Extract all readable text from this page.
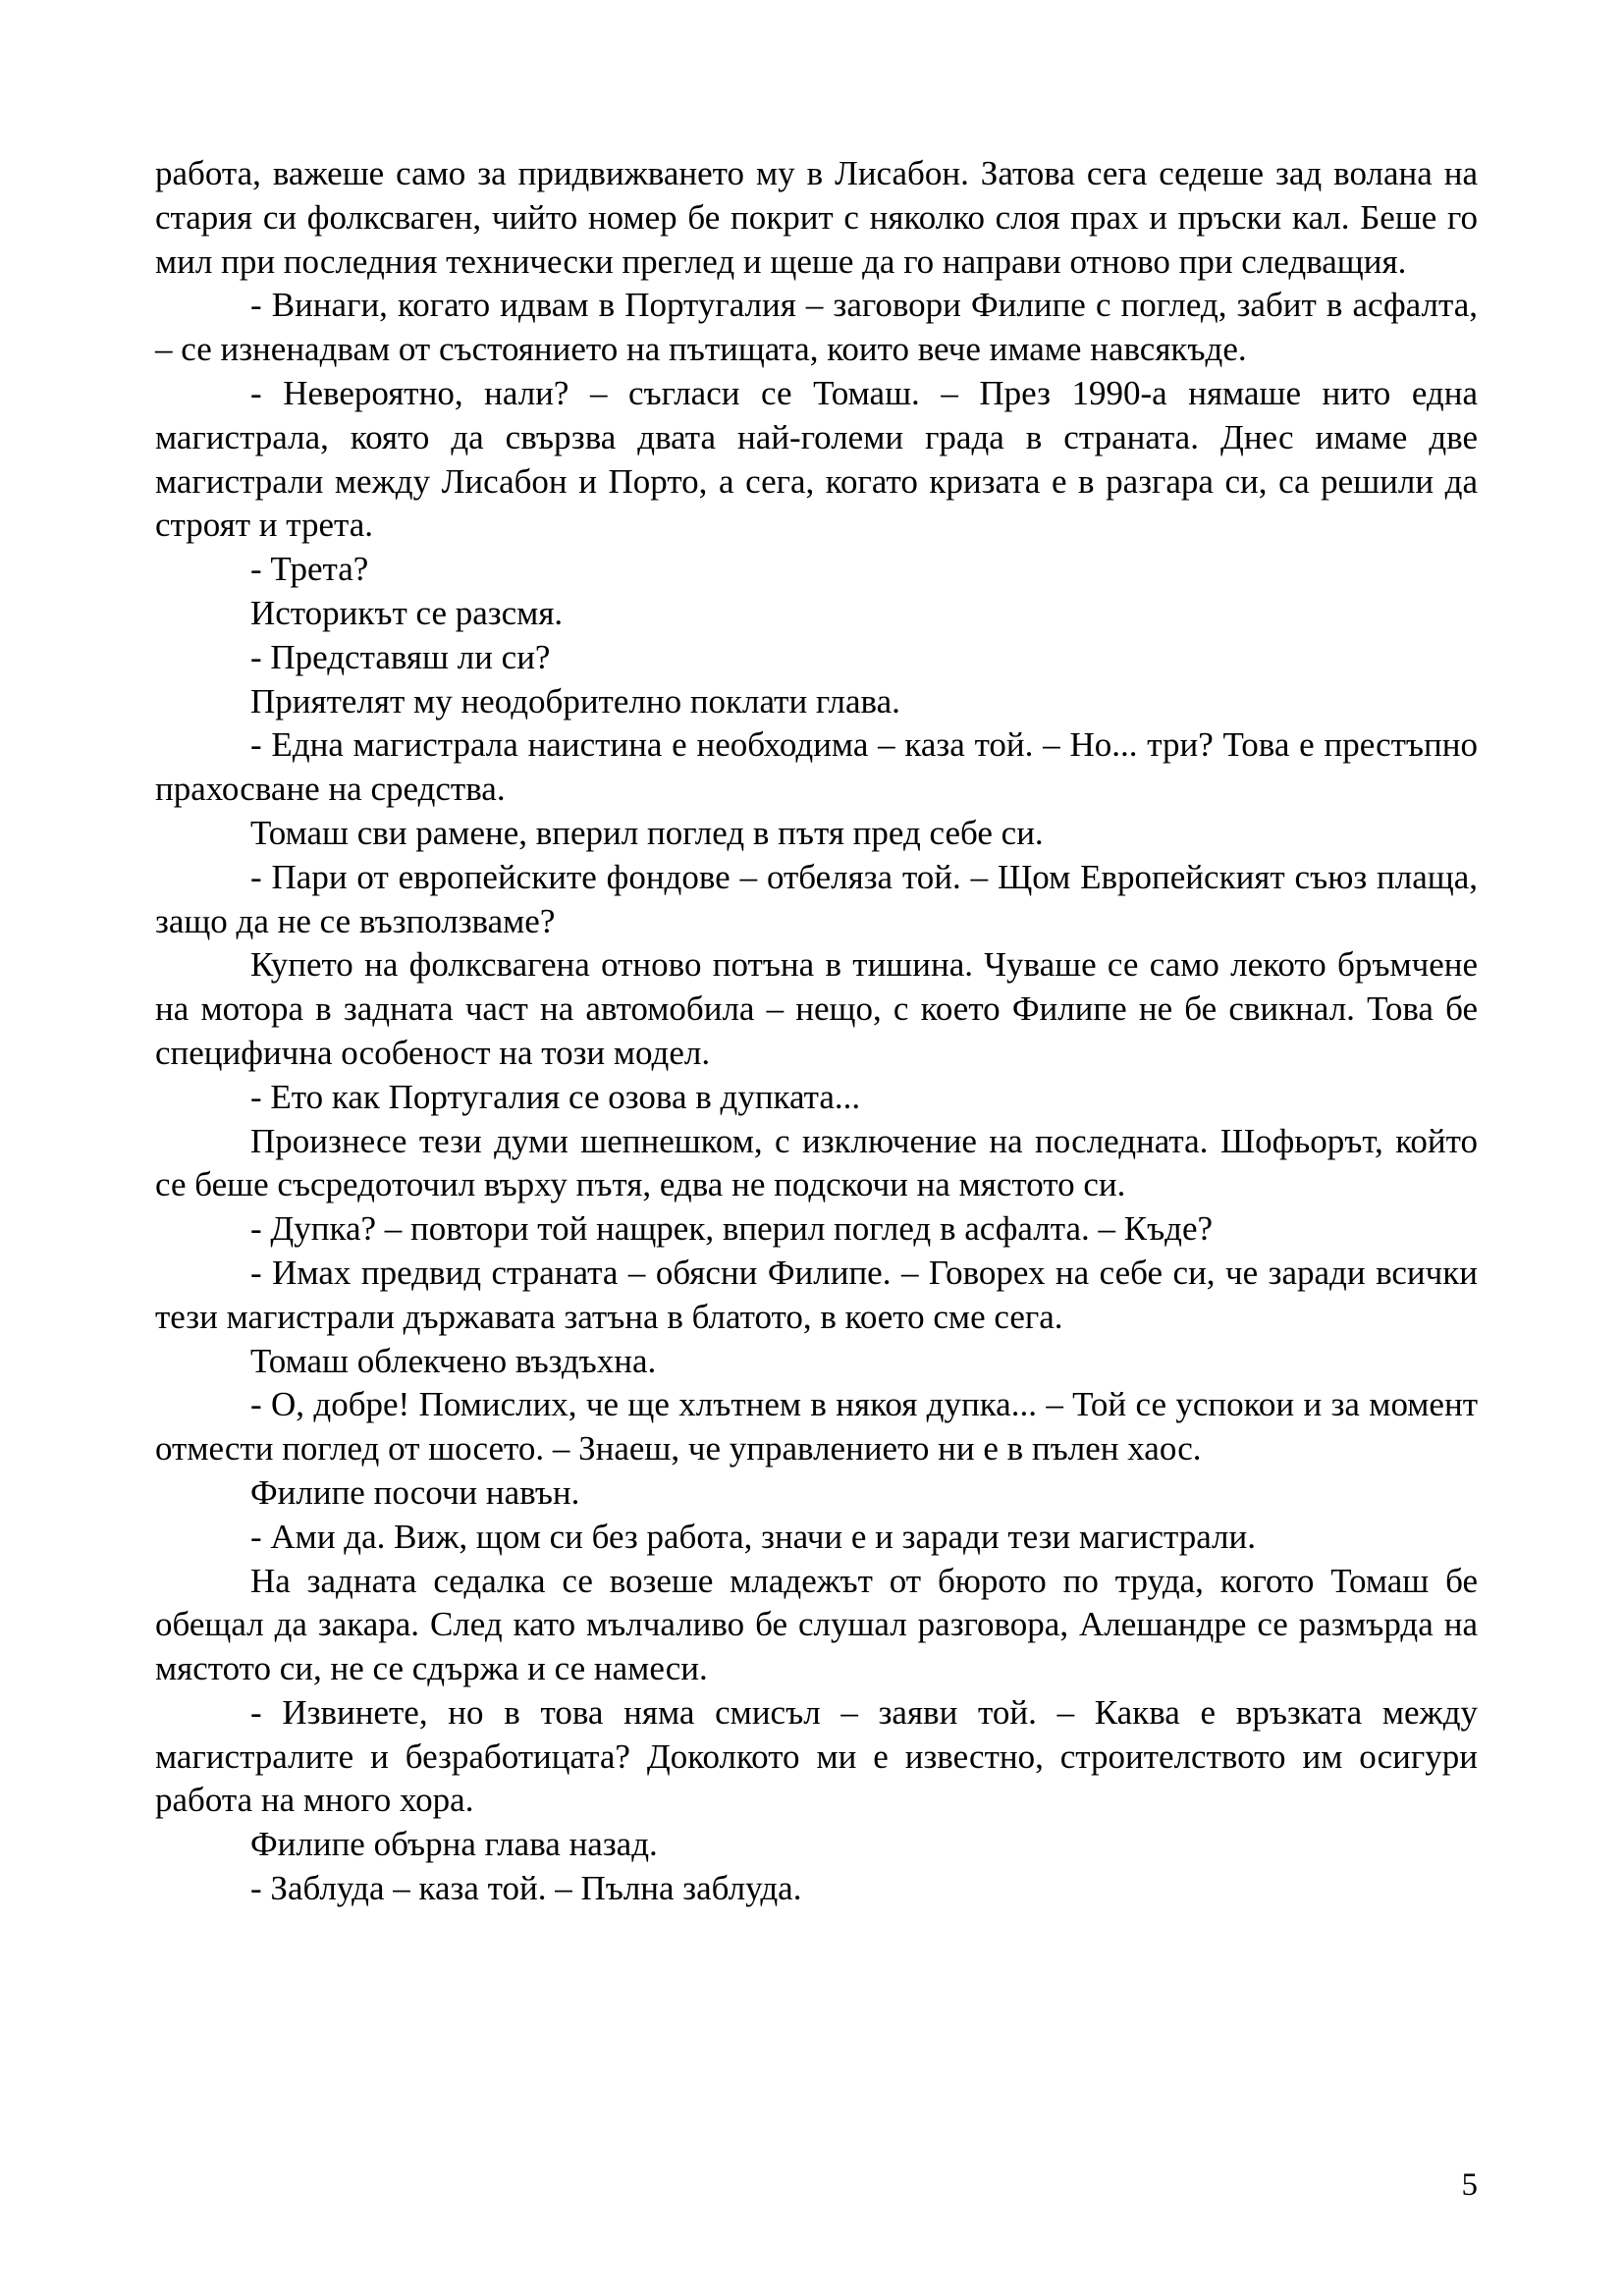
работа, важеше само за придвижването му в Лисабон. Затова сега седеше зад волана на стария си фолксваген, чийто номер бе покрит с няколко слоя прах и пръски кал. Беше го мил при последния технически преглед и щеше да го направи отново при следващия.

- Винаги, когато идвам в Португалия – заговори Филипе с поглед, забит в асфалта, – се изненадвам от състоянието на пътищата, които вече имаме навсякъде.

- Невероятно, нали? – съгласи се Томаш. – През 1990-а нямаше нито една магистрала, която да свързва двата най-големи града в страната. Днес имаме две магистрали между Лисабон и Порто, а сега, когато кризата е в разгара си, са решили да строят и трета.

- Трета?

Историкът се разсмя.

- Представяш ли си?

Приятелят му неодобрително поклати глава.

- Една магистрала наистина е необходима – каза той. – Но... три? Това е престъпно прахосване на средства.

Томаш сви рамене, вперил поглед в пътя пред себе си.

- Пари от европейските фондове – отбеляза той. – Щом Европейският съюз плаща, защо да не се възползваме?

Купето на фолксвагена отново потъна в тишина. Чуваше се само лекото бръмчене на мотора в задната част на автомобила – нещо, с което Филипе не бе свикнал. Това бе специфична особеност на този модел.

- Ето как Португалия се озова в дупката...

Произнесе тези думи шепнешком, с изключение на последната. Шофьорът, който се беше съсредоточил върху пътя, едва не подскочи на мястото си.

- Дупка? – повтори той нащрек, вперил поглед в асфалта. – Къде?

- Имах предвид страната – обясни Филипе. – Говорех на себе си, че заради всички тези магистрали държавата затъна в блатото, в което сме сега.

Томаш облекчено въздъхна.

- О, добре! Помислих, че ще хлътнем в някоя дупка... – Той се успокои и за момент отмести поглед от шосето. – Знаеш, че управлението ни е в пълен хаос.

Филипе посочи навън.

- Ами да. Виж, щом си без работа, значи е и заради тези магистрали.

На задната седалка се возеше младежът от бюрото по труда, когото Томаш бе обещал да закара. След като мълчаливо бе слушал разговора, Алешандре се размърда на мястото си, не се сдържа и се намеси.

- Извинете, но в това няма смисъл – заяви той. – Каква е връзката между магистралите и безработицата? Доколкото ми е известно, строителството им осигури работа на много хора.

Филипе обърна глава назад.

- Заблуда – каза той. – Пълна заблуда.

5
